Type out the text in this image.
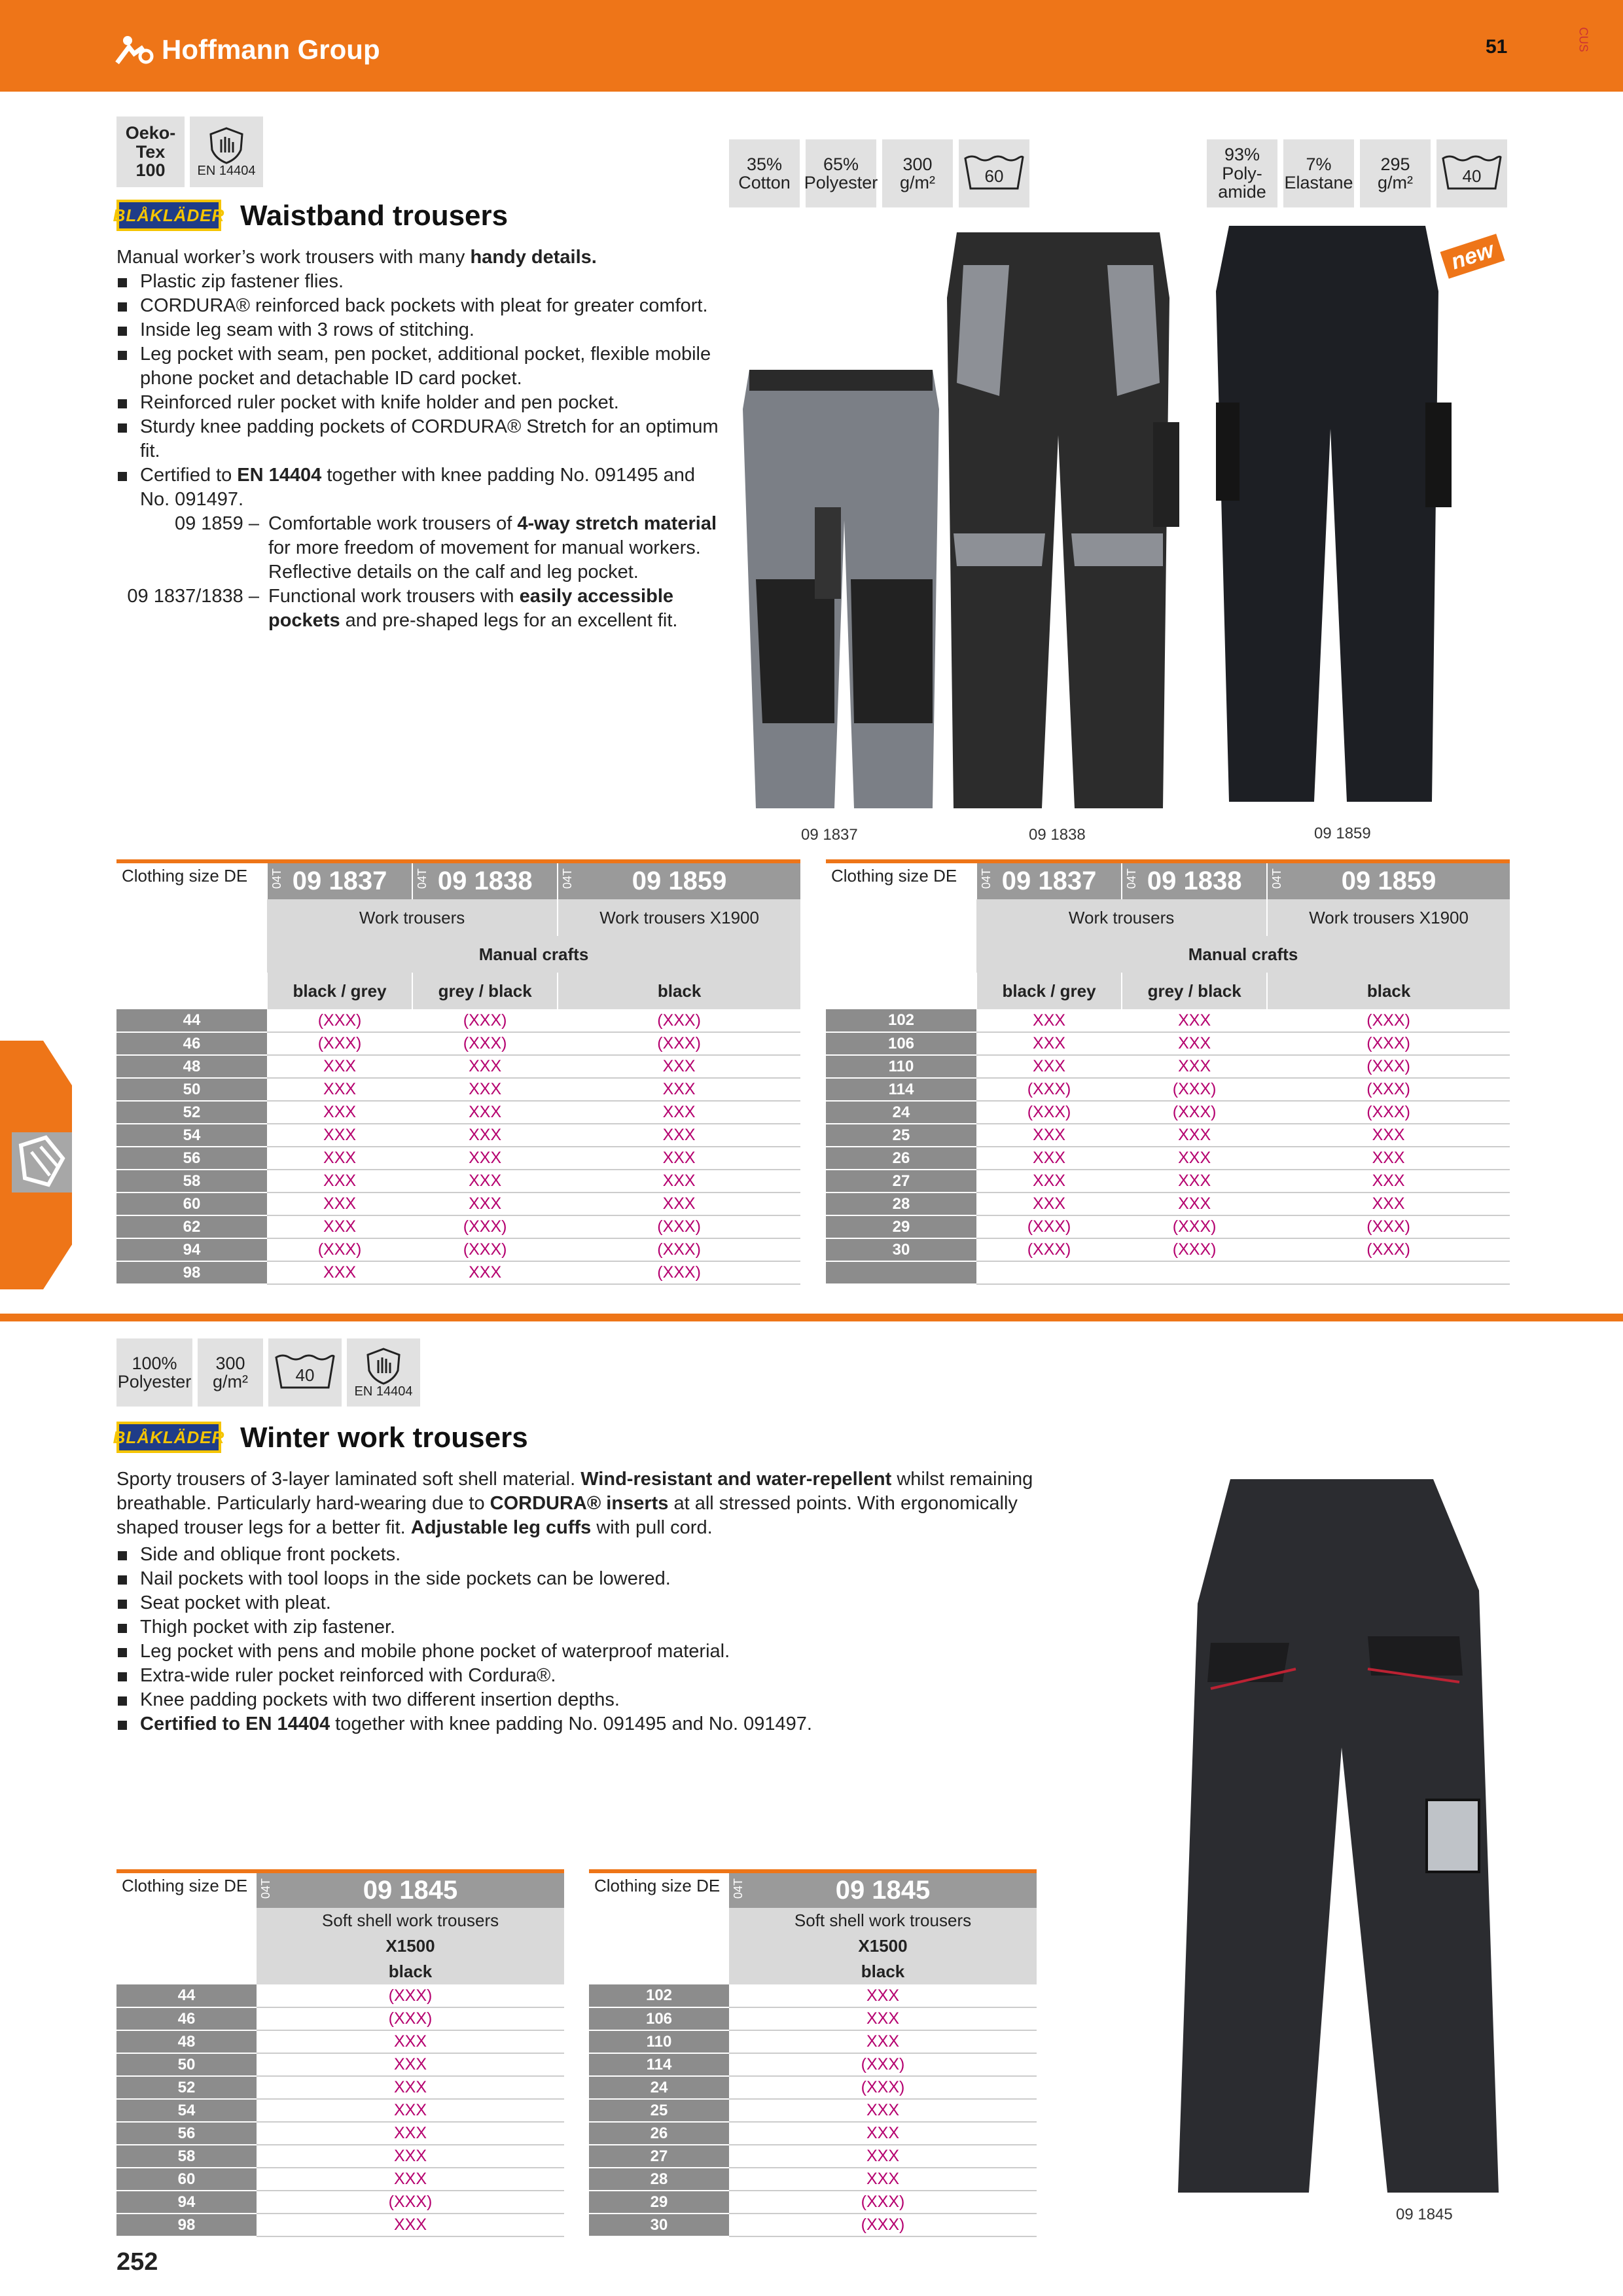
Hoffmann Group	51	CUS
Oeko-
Tex
100	EN 14404	35%
Cotton
65%
Polyester
300
g/m²	60
93%
Poly-
amide
7%
Elastane
295
g/m²	40
BLÅKLÄDER Waistband trousers
Manual worker’s work trousers with many handy details.
Plastic zip fastener flies.
CORDURA® reinforced back pockets with pleat for greater comfort.
Inside leg seam with 3 rows of stitching.
Leg pocket with seam, pen pocket, additional pocket, flexible mobile phone pocket and detachable ID card pocket.
Reinforced ruler pocket with knife holder and pen pocket.
Sturdy knee padding pockets of CORDURA® Stretch for an optimum fit.
Certified to EN 14404 together with knee padding No. 091495 and No. 091497.
09 1859 – Comfortable work trousers of 4-way stretch material for more freedom of movement for manual workers. Reflective details on the calf and leg pocket.
09 1837/1838 – Functional work trousers with easily accessible pockets and pre-shaped legs for an excellent fit.
new
09 1837	09 1838	09 1859
Clothing size DE	04T 09 1837	04T 09 1838	04T 09 1859
	Work trousers		Work trousers X1900
	Manual crafts		
	black / grey	grey / black	black
44	(XXX)	(XXX)	(XXX)
46	(XXX)	(XXX)	(XXX)
48	XXX	XXX	XXX
50	XXX	XXX	XXX
52	XXX	XXX	XXX
54	XXX	XXX	XXX
56	XXX	XXX	XXX
58	XXX	XXX	XXX
60	XXX	XXX	XXX
62	XXX	(XXX)	(XXX)
94	(XXX)	(XXX)	(XXX)
98	XXX	XXX	(XXX)
Clothing size DE	04T 09 1837	04T 09 1838	04T 09 1859
	Work trousers		Work trousers X1900
	Manual crafts		
	black / grey	grey / black	black
102	XXX	XXX	(XXX)
106	XXX	XXX	(XXX)
110	XXX	XXX	(XXX)
114	(XXX)	(XXX)	(XXX)
24	(XXX)	(XXX)	(XXX)
25	XXX	XXX	XXX
26	XXX	XXX	XXX
27	XXX	XXX	XXX
28	XXX	XXX	XXX
29	(XXX)	(XXX)	(XXX)
30	(XXX)	(XXX)	(XXX)

100%
Polyester
300
g/m²	40
EN 14404
BLÅKLÄDER Winter work trousers
Sporty trousers of 3-layer laminated soft shell material. Wind-resistant and water-repellent whilst remaining breathable. Particularly hard-wearing due to CORDURA® inserts at all stressed points. With ergonomically shaped trouser legs for a better fit. Adjustable leg cuffs with pull cord.
Side and oblique front pockets.
Nail pockets with tool loops in the side pockets can be lowered.
Seat pocket with pleat.
Thigh pocket with zip fastener.
Leg pocket with pens and mobile phone pocket of waterproof material.
Extra-wide ruler pocket reinforced with Cordura®.
Knee padding pockets with two different insertion depths.
Certified to EN 14404 together with knee padding No. 091495 and No. 091497.
09 1845
Clothing size DE	04T 09 1845
	Soft shell work trousers
	X1500
	black
44	(XXX)
46	(XXX)
48	XXX
50	XXX
52	XXX
54	XXX
56	XXX
58	XXX
60	XXX
94	(XXX)
98	XXX
Clothing size DE	04T 09 1845
	Soft shell work trousers
	X1500
	black
102	XXX
106	XXX
110	XXX
114	(XXX)
24	(XXX)
25	XXX
26	XXX
27	XXX
28	XXX
29	(XXX)
30	(XXX)
252
